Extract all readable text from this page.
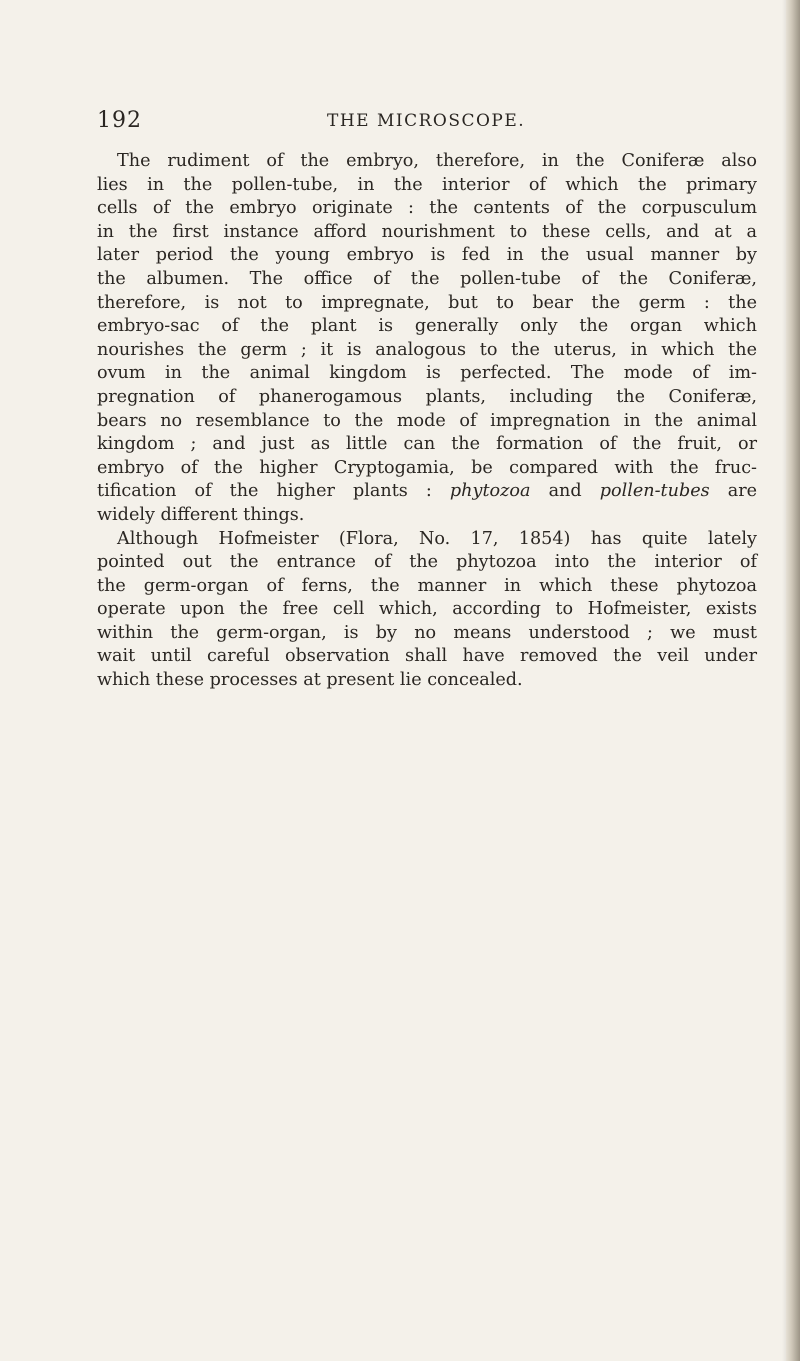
192	THE MICROSCOPE.
The rudiment of the embryo, therefore, in the Coniferæ also
lies in the pollen-tube, in the interior of which the primary
cells of the embryo originate : the cəntents of the corpusculum
in the first instance afford nourishment to these cells, and at a
later period the young embryo is fed in the usual manner by
the albumen. The office of the pollen-tube of the Coniferæ,
therefore, is not to impregnate, but to bear the germ : the
embryo-sac of the plant is generally only the organ which
nourishes the germ ; it is analogous to the uterus, in which the
ovum in the animal kingdom is perfected. The mode of im-
pregnation of phanerogamous plants, including the Coniferæ,
bears no resemblance to the mode of impregnation in the animal
kingdom ; and just as little can the formation of the fruit, or
embryo of the higher Cryptogamia, be compared with the fruc-
tification of the higher plants : phytozoa and pollen-tubes are
widely different things.
Although Hofmeister (Flora, No. 17, 1854) has quite lately
pointed out the entrance of the phytozoa into the interior of
the germ-organ of ferns, the manner in which these phytozoa
operate upon the free cell which, according to Hofmeister, exists
within the germ-organ, is by no means understood ; we must
wait until careful observation shall have removed the veil under
which these processes at present lie concealed.
